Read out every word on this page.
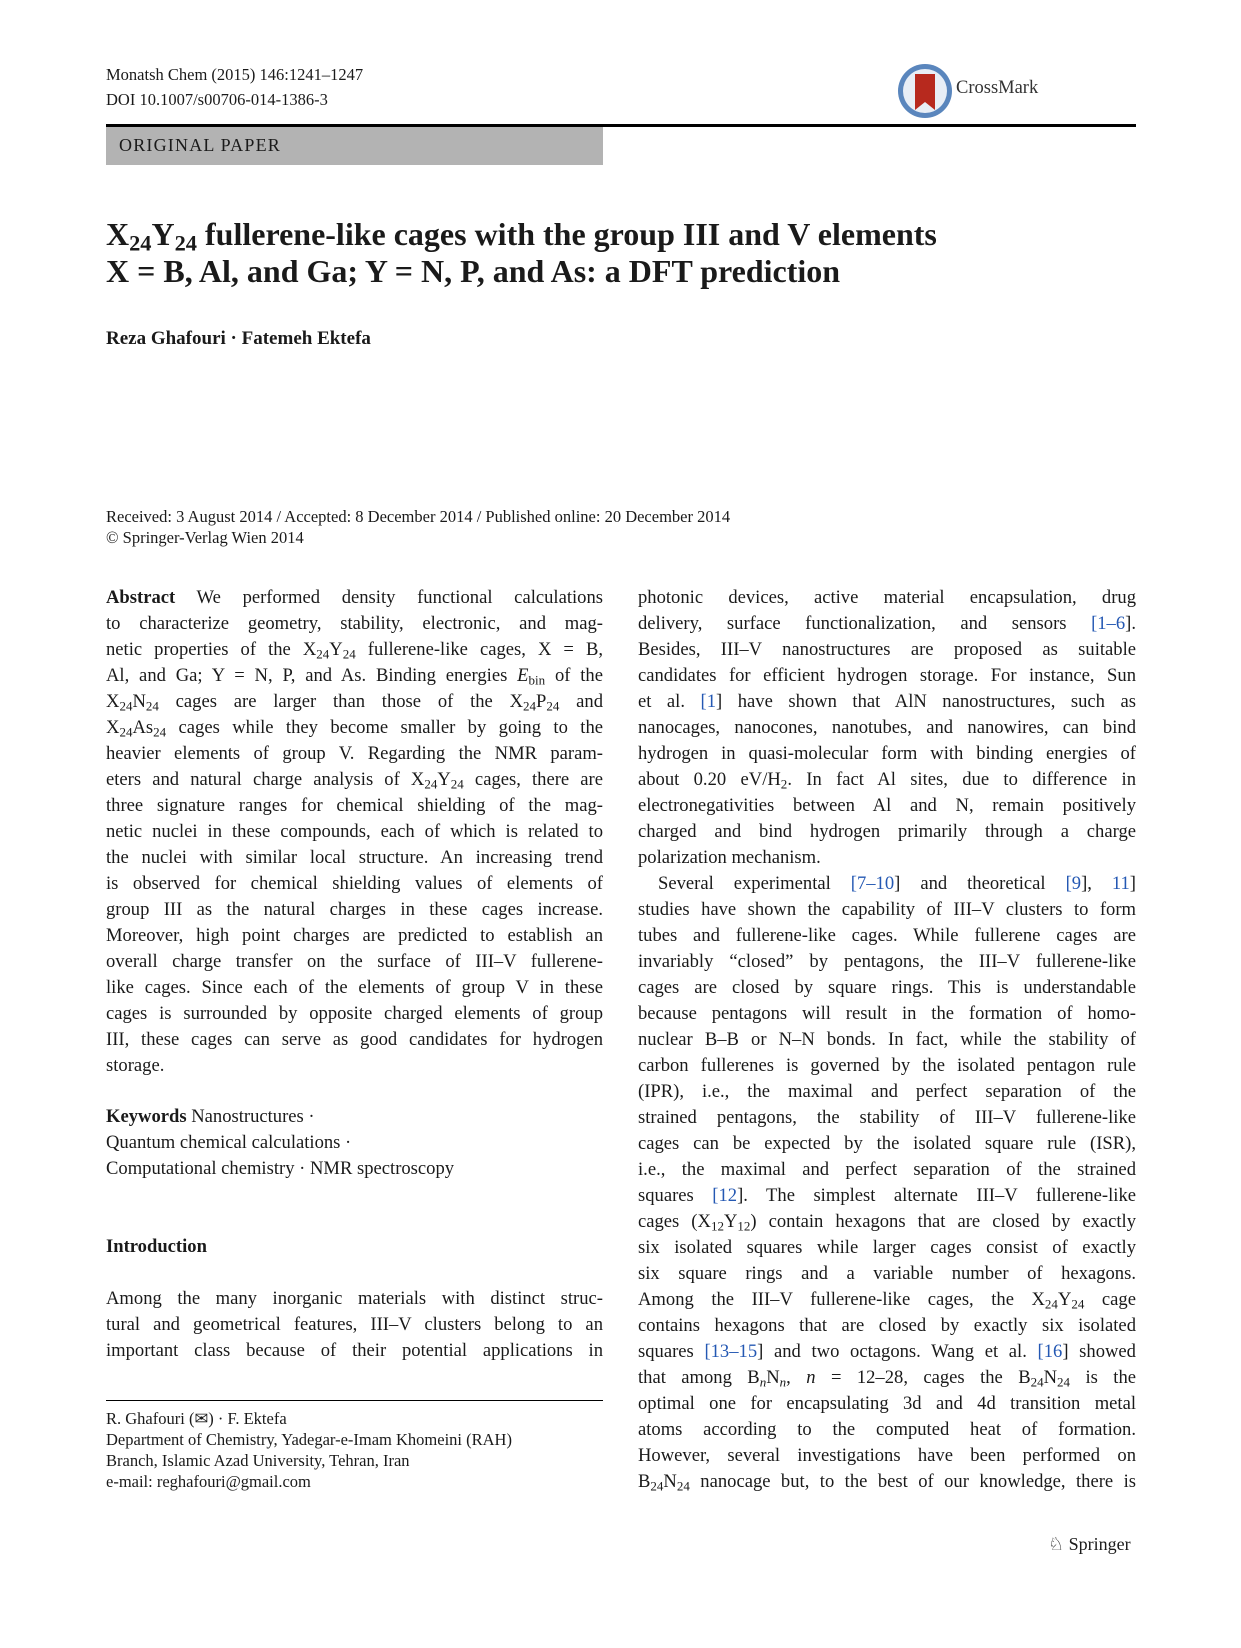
Monatsh Chem (2015) 146:1241–1247
DOI 10.1007/s00706-014-1386-3
CrossMark
ORIGINAL PAPER
$X_{24}Y_{24}$ fullerene-like cages with the group III and V elements
X = B, Al, and Ga; Y = N, P, and As: a DFT prediction
Reza Ghafouri · Fatemeh Ektefa
Received: 3 August 2014 / Accepted: 8 December 2014 / Published online: 20 December 2014
© Springer-Verlag Wien 2014
Abstract We performed density functional calculations
to characterize geometry, stability, electronic, and mag-
netic properties of the $X_{24}Y_{24}$ fullerene-like cages, X = B,
Al, and Ga; Y = N, P, and As. Binding energies $E_{bin}$ of the
$X_{24}N_{24}$ cages are larger than those of the $X_{24}P_{24}$ and
$X_{24}As_{24}$ cages while they become smaller by going to the
heavier elements of group V. Regarding the NMR param-
eters and natural charge analysis of $X_{24}Y_{24}$ cages, there are
three signature ranges for chemical shielding of the mag-
netic nuclei in these compounds, each of which is related to
the nuclei with similar local structure. An increasing trend
is observed for chemical shielding values of elements of
group III as the natural charges in these cages increase.
Moreover, high point charges are predicted to establish an
overall charge transfer on the surface of III–V fullerene-
like cages. Since each of the elements of group V in these
cages is surrounded by opposite charged elements of group
III, these cages can serve as good candidates for hydrogen
storage.
Keywords Nanostructures ·
Quantum chemical calculations ·
Computational chemistry · NMR spectroscopy
Introduction
Among the many inorganic materials with distinct struc-
tural and geometrical features, III–V clusters belong to an
important class because of their potential applications in
R. Ghafouri (✉) · F. Ektefa
Department of Chemistry, Yadegar-e-Imam Khomeini (RAH)
Branch, Islamic Azad University, Tehran, Iran
e-mail: reghafouri@gmail.com
photonic devices, active material encapsulation, drug
delivery, surface functionalization, and sensors [1–6].
Besides, III–V nanostructures are proposed as suitable
candidates for efficient hydrogen storage. For instance, Sun
et al. [1] have shown that AlN nanostructures, such as
nanocages, nanocones, nanotubes, and nanowires, can bind
hydrogen in quasi-molecular form with binding energies of
about 0.20 $eV/H_2$. In fact Al sites, due to difference in
electronegativities between Al and N, remain positively
charged and bind hydrogen primarily through a charge
polarization mechanism.
Several experimental [7–10] and theoretical [9], 11]
studies have shown the capability of III–V clusters to form
tubes and fullerene-like cages. While fullerene cages are
invariably “closed” by pentagons, the III–V fullerene-like
cages are closed by square rings. This is understandable
because pentagons will result in the formation of homo-
nuclear B–B or N–N bonds. In fact, while the stability of
carbon fullerenes is governed by the isolated pentagon rule
(IPR), i.e., the maximal and perfect separation of the
strained pentagons, the stability of III–V fullerene-like
cages can be expected by the isolated square rule (ISR),
i.e., the maximal and perfect separation of the strained
squares [12]. The simplest alternate III–V fullerene-like
cages $(X_{12}Y_{12})$ contain hexagons that are closed by exactly
six isolated squares while larger cages consist of exactly
six square rings and a variable number of hexagons.
Among the III–V fullerene-like cages, the $X_{24}Y_{24}$ cage
contains hexagons that are closed by exactly six isolated
squares [13–15] and two octagons. Wang et al. [16] showed
that among $B_nN_n$, n = 12–28, cages the $B_{24}N_{24}$ is the
optimal one for encapsulating 3d and 4d transition metal
atoms according to the computed heat of formation.
However, several investigations have been performed on
$B_{24}N_{24}$ nanocage but, to the best of our knowledge, there is
♘ Springer
